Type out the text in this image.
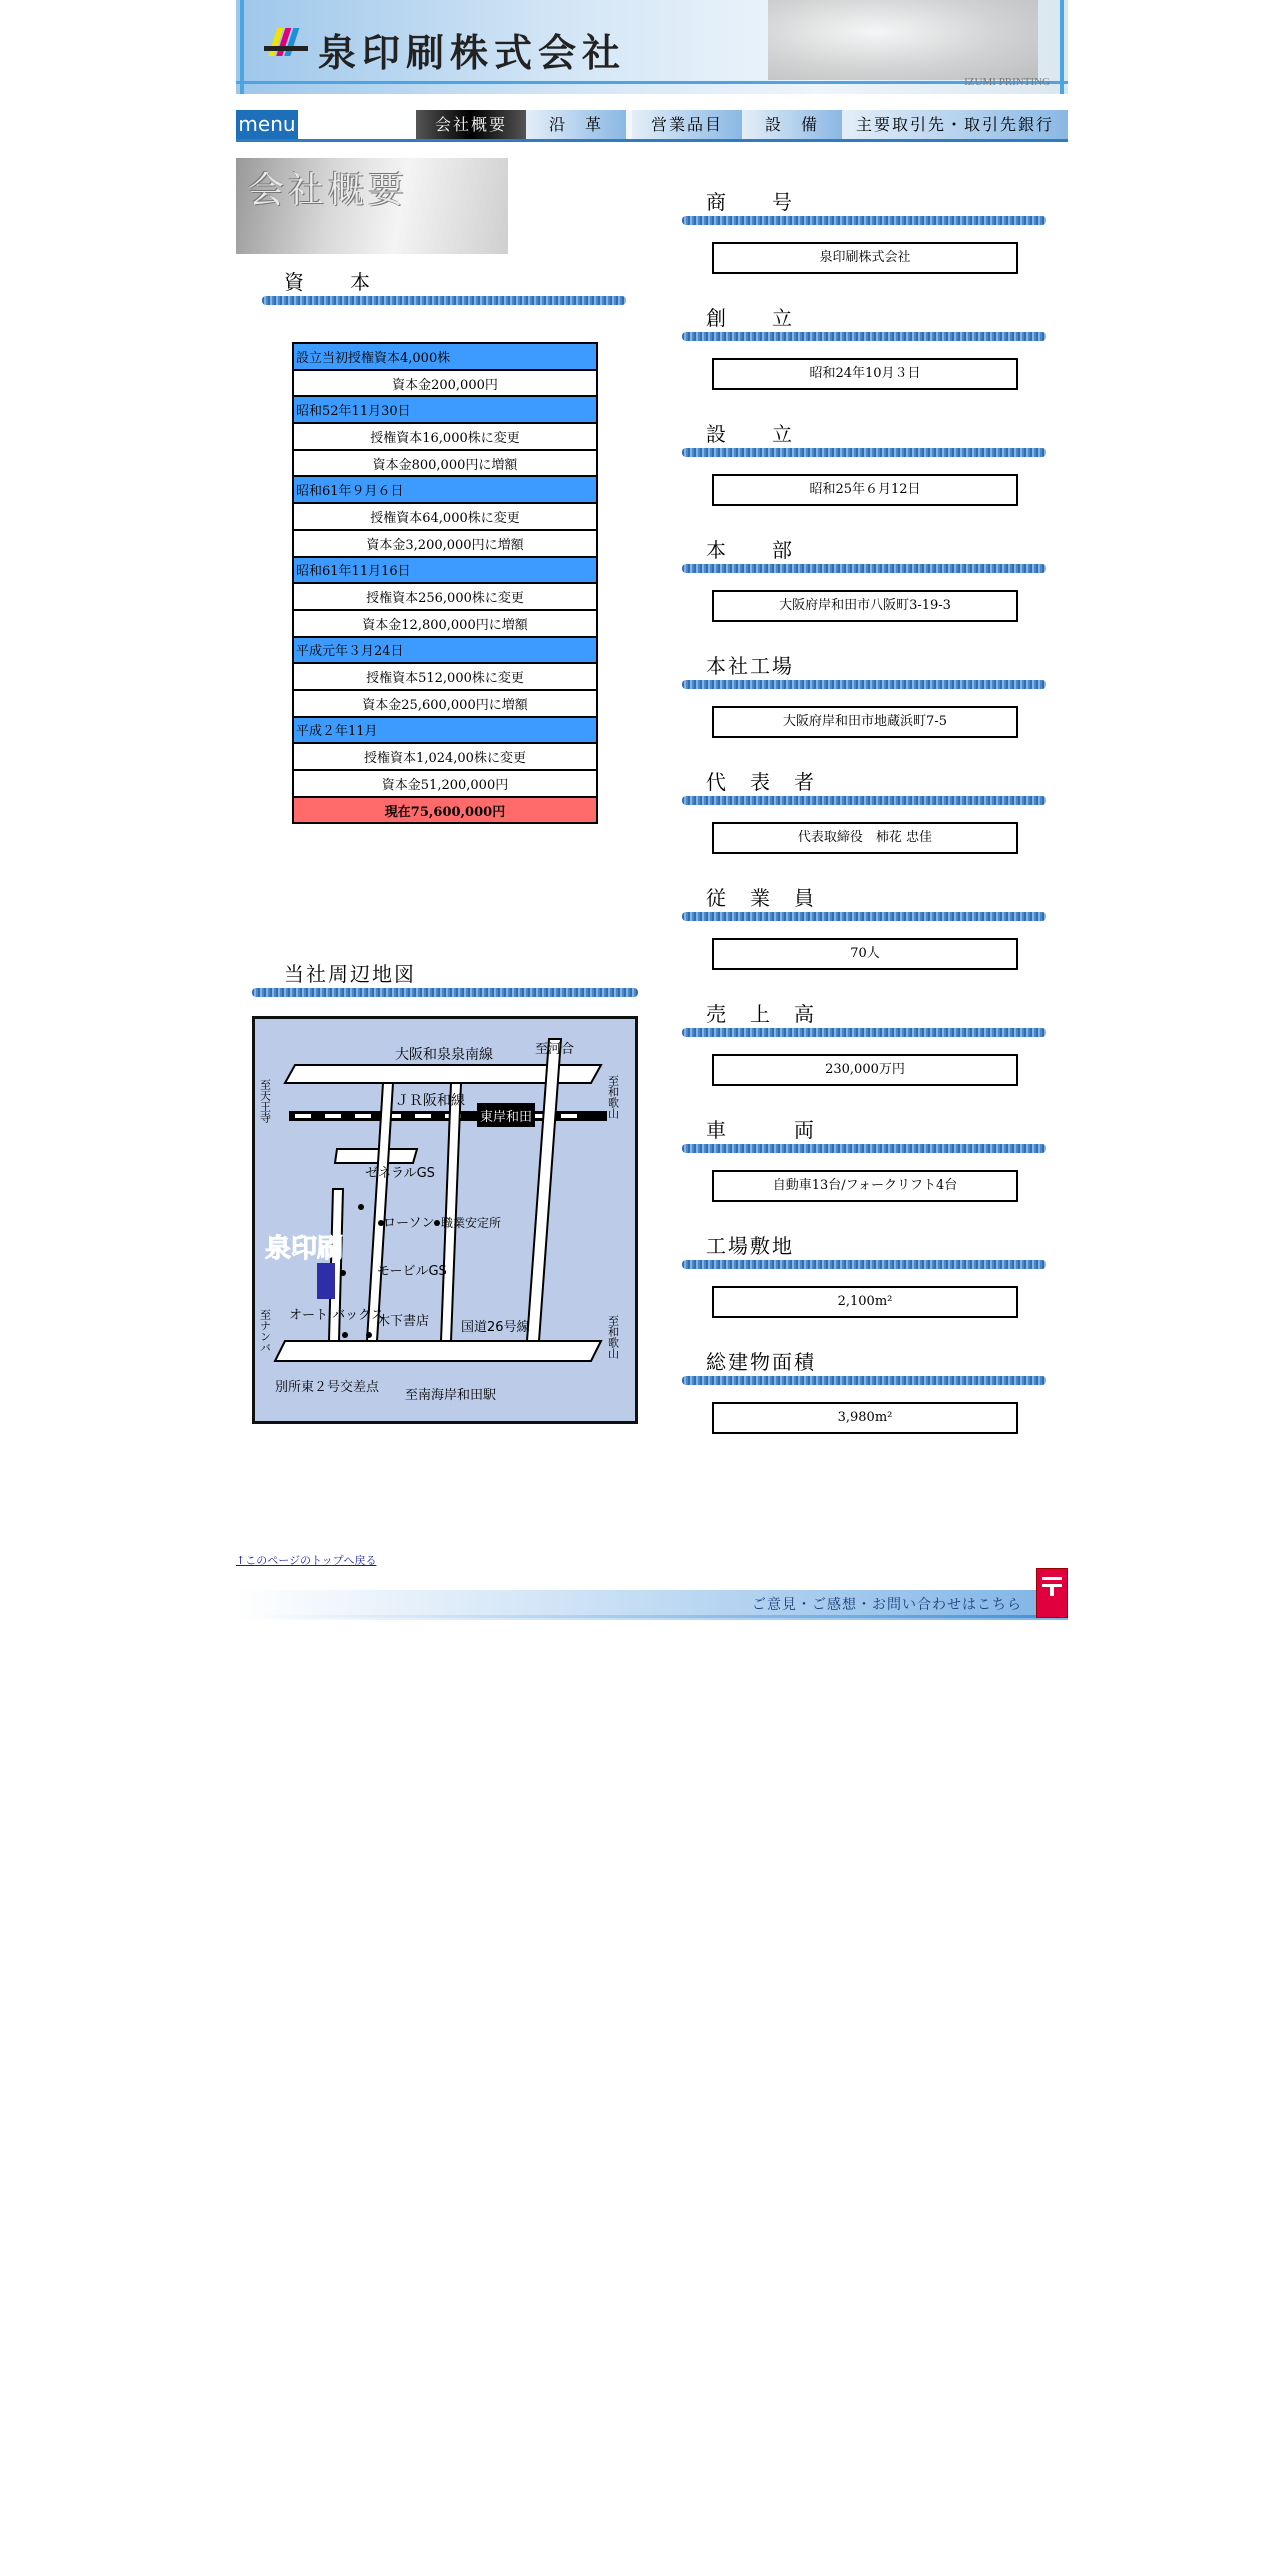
泉印刷株式会社
IZUMI PRINTING
menu	会社概要	沿　革	営業品目	設　備	主要取引先・取引先銀行
会社概要
資　　本
設立当初授権資本4,000株
資本金200,000円
昭和52年11月30日
授権資本16,000株に変更
資本金800,000円に増額
昭和61年９月６日
授権資本64,000株に変更
資本金3,200,000円に増額
昭和61年11月16日
授権資本256,000株に変更
資本金12,800,000円に増額
平成元年３月24日
授権資本512,000株に変更
資本金25,600,000円に増額
平成２年11月
授権資本1,024,00株に変更
資本金51,200,000円
現在75,600,000円
当社周辺地図
大阪和泉泉南線	至河合
至天王寺	至和歌山
ＪＲ阪和線
東岸和田
ゼネラルGS
ローソン 職業安定所
泉印刷
モービルGS
オート バックス
木下書店 国道26号線
至ナンバ	至和歌山
別所東２号交差点
至南海岸和田駅
商　　号
泉印刷株式会社
創　　立
昭和24年10月３日
設　　立
昭和25年６月12日
本　　部
大阪府岸和田市八阪町3-19-3
本社工場
大阪府岸和田市地蔵浜町7-5
代　表　者
代表取締役　柿花 忠佳
従　業　員
70人
売　上　高
230,000万円
車　　　両
自動車13台/フォークリフト4台
工場敷地
2,100m²
総建物面積
3,980m²
↑このページのトップへ戻る
ご意見・ご感想・お問い合わせはこちら
